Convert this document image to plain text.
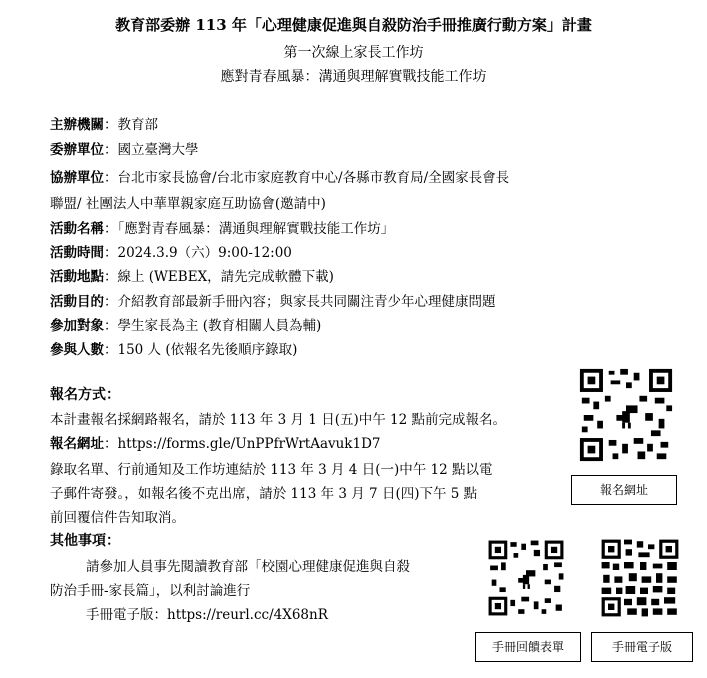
教育部委辦 113 年「心理健康促進與自殺防治手冊推廣行動方案」計畫
第一次線上家長工作坊
應對青春風暴：溝通與理解實戰技能工作坊
主辦機關：教育部
委辦單位：國立臺灣大學
協辦單位：台北市家長協會/台北市家庭教育中心/各縣市教育局/全國家長會長
聯盟/ 社團法人中華單親家庭互助協會(邀請中)
活動名稱：「應對青春風暴：溝通與理解實戰技能工作坊」
活動時間：2024.3.9（六）9:00-12:00
活動地點：線上 (WEBEX，請先完成軟體下載)
活動目的：介紹教育部最新手冊內容；與家長共同關注青少年心理健康問題
參加對象：學生家長為主 (教育相關人員為輔)
參與人數：150 人 (依報名先後順序錄取)
報名方式：
本計畫報名採網路報名，請於 113 年 3 月 1 日(五)中午 12 點前完成報名。
報名網址：https://forms.gle/UnPPfrWrtAavuk1D7
錄取名單、行前通知及工作坊連結於 113 年 3 月 4 日(一)中午 12 點以電
子郵件寄發。，如報名後不克出席，請於 113 年 3 月 7 日(四)下午 5 點
前回覆信件告知取消。
其他事項：
請參加人員事先閱讀教育部「校園心理健康促進與自殺
防治手冊-家長篇」，以利討論進行
手冊電子版：https://reurl.cc/4X68nR
報名網址
手冊回饋表單	手冊電子版
